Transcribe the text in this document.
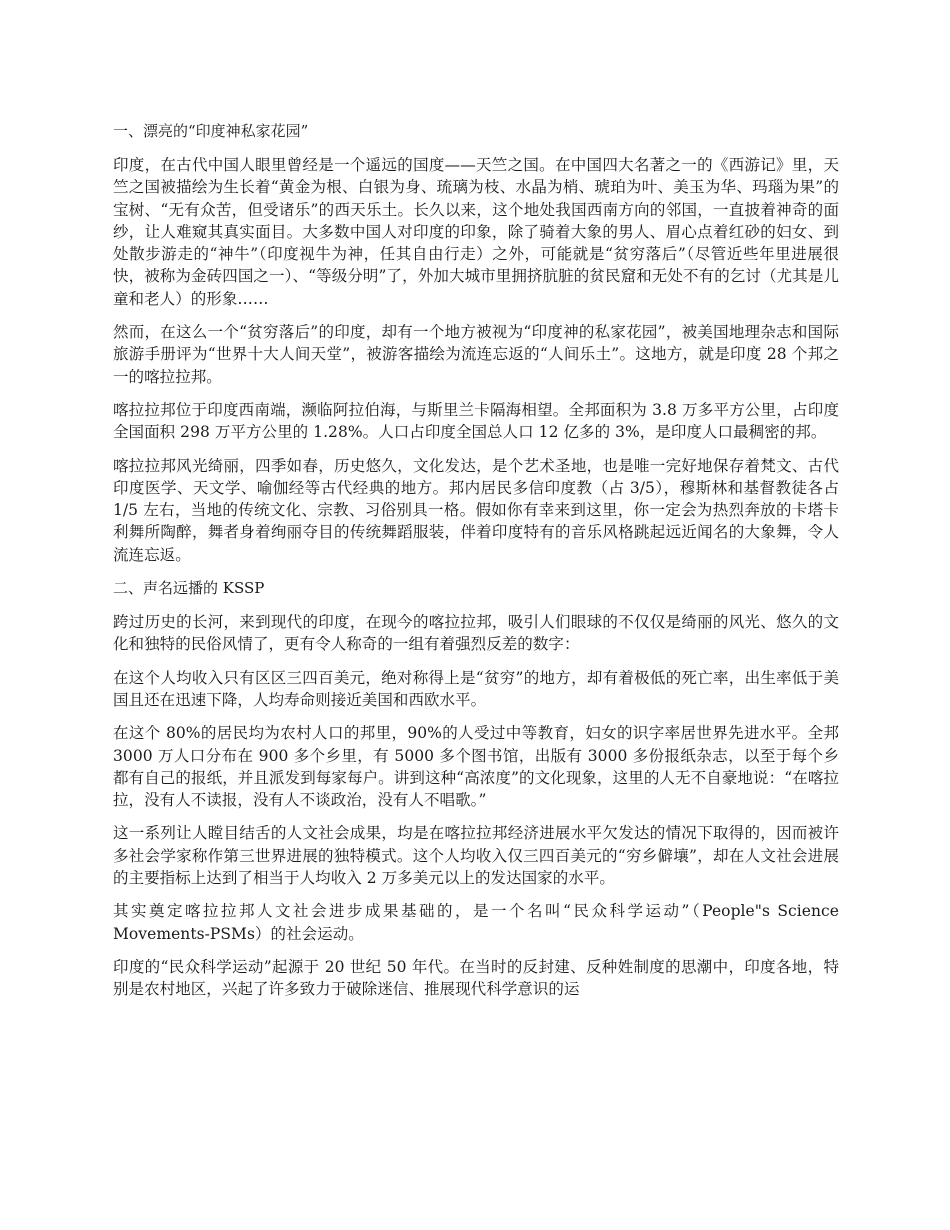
一、漂亮的“印度神私家花园”

印度，在古代中国人眼里曾经是一个遥远的国度——天竺之国。在中国四大名著之一的《西游记》里，天竺之国被描绘为生长着“黄金为根、白银为身、琉璃为枝、水晶为梢、琥珀为叶、美玉为华、玛瑙为果”的宝树、“无有众苦，但受诸乐”的西天乐土。长久以来，这个地处我国西南方向的邻国，一直披着神奇的面纱，让人难窥其真实面目。大多数中国人对印度的印象，除了骑着大象的男人、眉心点着红砂的妇女、到处散步游走的“神牛”（印度视牛为神，任其自由行走）之外，可能就是“贫穷落后”（尽管近些年里进展很快，被称为金砖四国之一）、“等级分明”了，外加大城市里拥挤肮脏的贫民窟和无处不有的乞讨（尤其是儿童和老人）的形象……

然而，在这么一个“贫穷落后”的印度，却有一个地方被视为“印度神的私家花园”，被美国地理杂志和国际旅游手册评为“世界十大人间天堂”，被游客描绘为流连忘返的“人间乐土”。这地方，就是印度 28 个邦之一的喀拉拉邦。

喀拉拉邦位于印度西南端，濒临阿拉伯海，与斯里兰卡隔海相望。全邦面积为 3.8 万多平方公里，占印度全国面积 298 万平方公里的 1.28%。人口占印度全国总人口 12 亿多的 3%，是印度人口最稠密的邦。

喀拉拉邦风光绮丽，四季如春，历史悠久，文化发达，是个艺术圣地，也是唯一完好地保存着梵文、古代印度医学、天文学、喻伽经等古代经典的地方。邦内居民多信印度教（占 3/5），穆斯林和基督教徒各占 1/5 左右，当地的传统文化、宗教、习俗别具一格。假如你有幸来到这里，你一定会为热烈奔放的卡塔卡利舞所陶醉，舞者身着绚丽夺目的传统舞蹈服装，伴着印度特有的音乐风格跳起远近闻名的大象舞，令人流连忘返。

二、声名远播的 KSSP

跨过历史的长河，来到现代的印度，在现今的喀拉拉邦，吸引人们眼球的不仅仅是绮丽的风光、悠久的文化和独特的民俗风情了，更有令人称奇的一组有着强烈反差的数字：

在这个人均收入只有区区三四百美元，绝对称得上是“贫穷”的地方，却有着极低的死亡率，出生率低于美国且还在迅速下降，人均寿命则接近美国和西欧水平。

在这个 80%的居民均为农村人口的邦里，90%的人受过中等教育，妇女的识字率居世界先进水平。全邦 3000 万人口分布在 900 多个乡里，有 5000 多个图书馆，出版有 3000 多份报纸杂志，以至于每个乡都有自己的报纸，并且派发到每家每户。讲到这种“高浓度”的文化现象，这里的人无不自豪地说：“在喀拉拉，没有人不读报，没有人不谈政治，没有人不唱歌。”

这一系列让人瞠目结舌的人文社会成果，均是在喀拉拉邦经济进展水平欠发达的情况下取得的，因而被许多社会学家称作第三世界进展的独特模式。这个人均收入仅三四百美元的“穷乡僻壤”，却在人文社会进展的主要指标上达到了相当于人均收入 2 万多美元以上的发达国家的水平。

其实奠定喀拉拉邦人文社会进步成果基础的，是一个名叫“民众科学运动”（People"s Science Movements-PSMs）的社会运动。

印度的“民众科学运动”起源于 20 世纪 50 年代。在当时的反封建、反种姓制度的思潮中，印度各地，特别是农村地区，兴起了许多致力于破除迷信、推展现代科学意识的运
